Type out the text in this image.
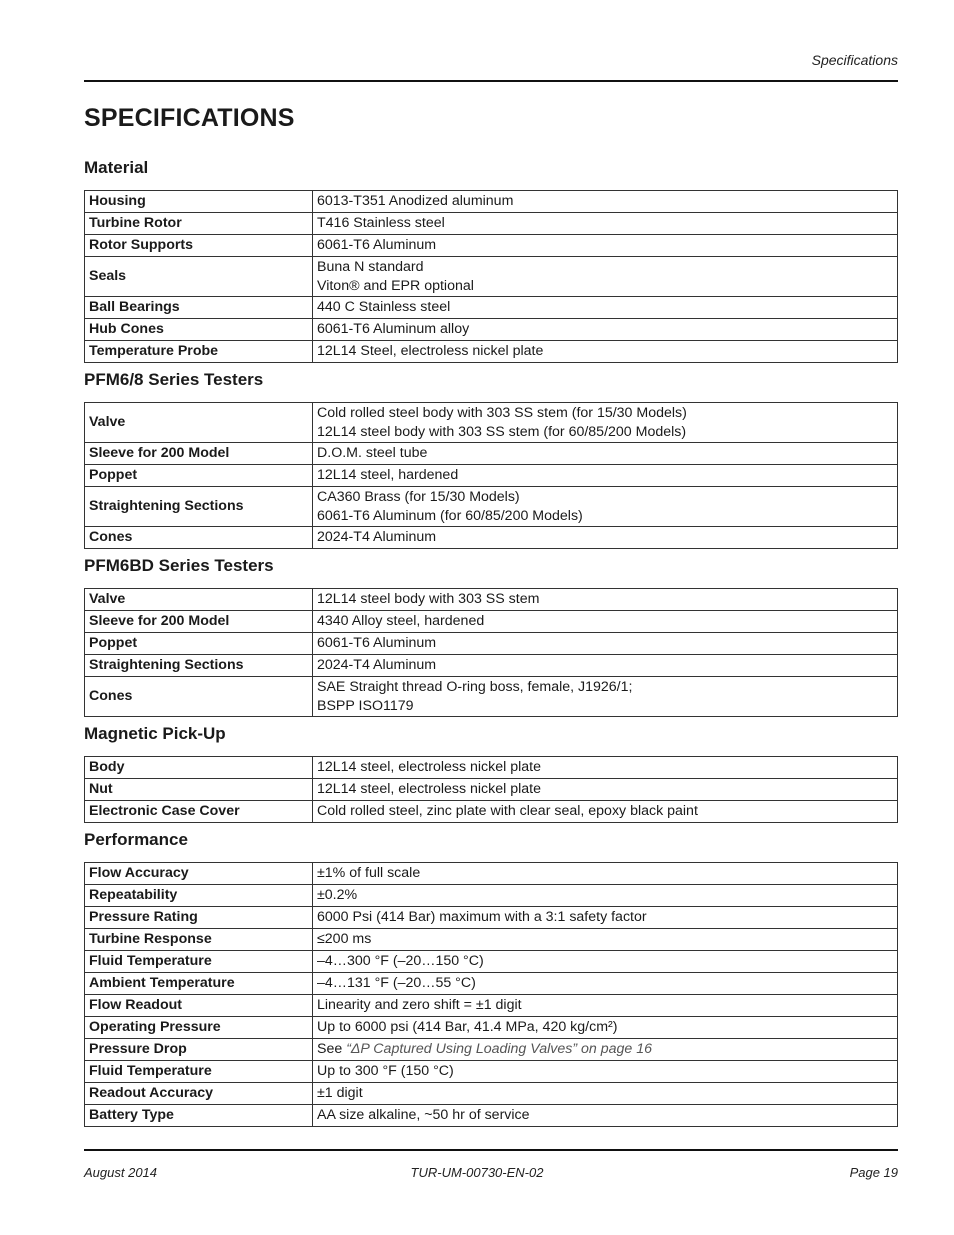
Specifications
SPECIFICATIONS
Material
Housing	6013-T351 Anodized aluminum
Turbine Rotor	T416 Stainless steel
Rotor Supports	6061-T6 Aluminum
Seals	Buna N standard
Viton® and EPR optional

Ball Bearings	440 C Stainless steel
Hub Cones	6061-T6 Aluminum alloy
Temperature Probe	12L14 Steel, electroless nickel plate
PFM6/8 Series Testers
Valve	Cold rolled steel body with 303 SS stem (for 15/30 Models)
12L14 steel body with 303 SS stem (for 60/85/200 Models)

Sleeve for 200 Model	D.O.M. steel tube
Poppet	12L14 steel, hardened
Straightening Sections	CA360 Brass (for 15/30 Models)
6061-T6 Aluminum (for 60/85/200 Models)

Cones	2024-T4 Aluminum
PFM6BD Series Testers
Valve	12L14 steel body with 303 SS stem
Sleeve for 200 Model	4340 Alloy steel, hardened
Poppet	6061-T6 Aluminum
Straightening Sections	2024-T4 Aluminum
Cones	SAE Straight thread O-ring boss, female, J1926/1;
BSPP ISO1179
Magnetic Pick-Up
Body	12L14 steel, electroless nickel plate
Nut	12L14 steel, electroless nickel plate
Electronic Case Cover	Cold rolled steel, zinc plate with clear seal, epoxy black paint
Performance
Flow Accuracy	±1% of full scale
Repeatability	±0.2%
Pressure Rating	6000 Psi (414 Bar) maximum with a 3:1 safety factor
Turbine Response	≤200 ms
Fluid Temperature	–4…300 °F (–20…150 °C)
Ambient Temperature	–4…131 °F (–20…55 °C)
Flow Readout	Linearity and zero shift = ±1 digit
Operating Pressure	Up to 6000 psi (414 Bar, 41.4 MPa, 420 kg/cm²)
Pressure Drop	See “ΔP Captured Using Loading Valves” on page 16
Fluid Temperature	Up to 300 °F (150 °C)
Readout Accuracy	±1 digit
Battery Type	AA size alkaline, ~50 hr of service
August 2014	TUR-UM-00730-EN-02	Page 19
